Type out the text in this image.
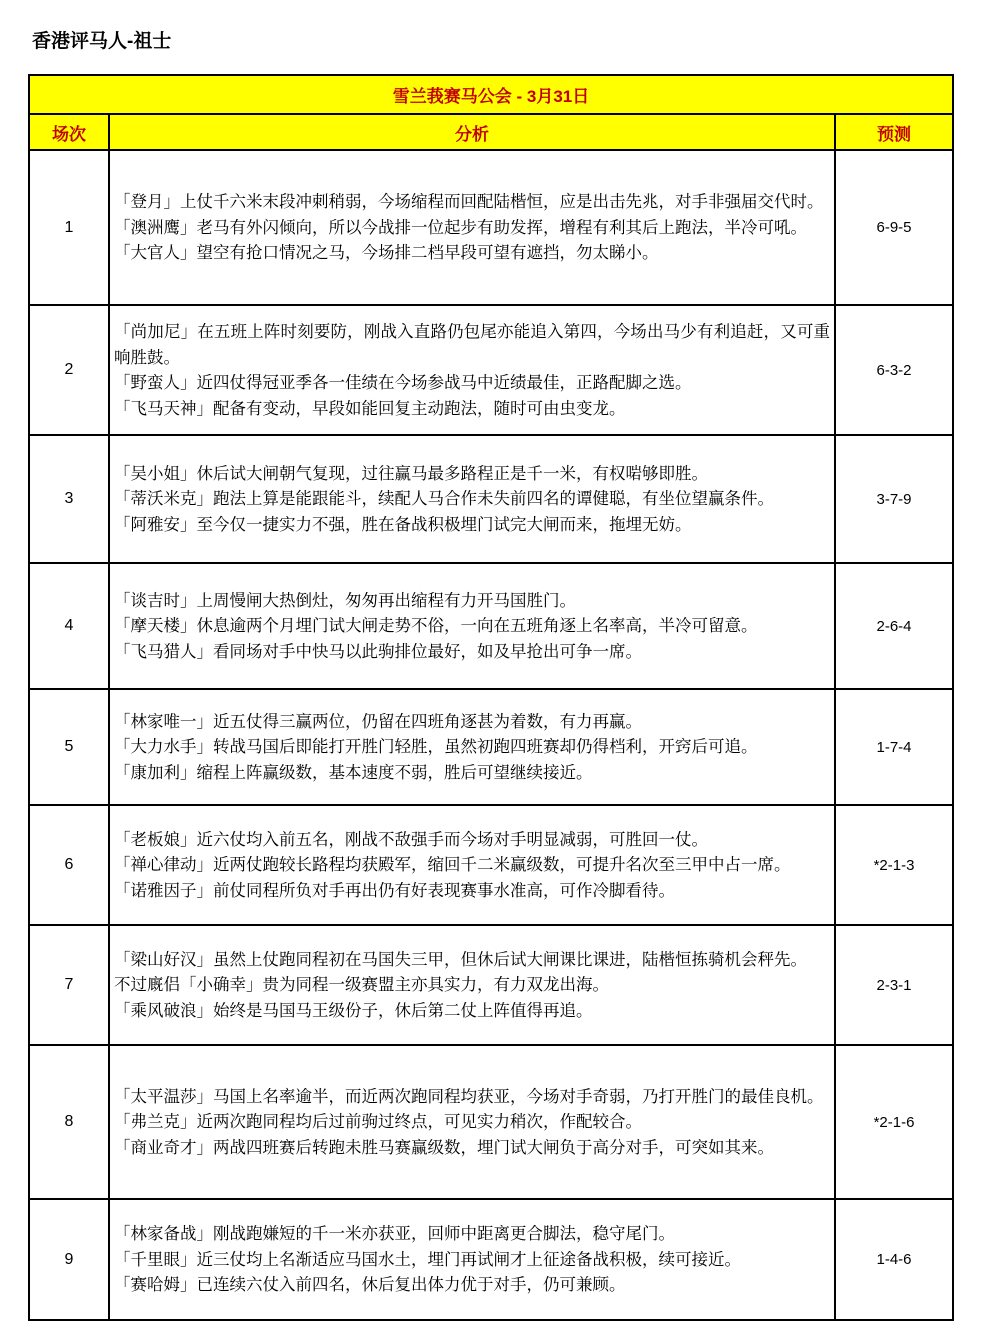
香港评马人-祖士
雪兰莪赛马公会 - 3月31日		
场次	分析	预测
1	「登月」上仗千六米末段冲刺稍弱，今场缩程而回配陆楷恒，应是出击先兆，对手非强届交代时。

「澳洲鹰」老马有外闪倾向，所以今战排一位起步有助发挥，增程有利其后上跑法，半冷可吼。

「大官人」望空有抢口情况之马，今场排二档早段可望有遮挡，勿太睇小。	6-9-5
2	「尚加尼」在五班上阵时刻要防，刚战入直路仍包尾亦能追入第四，今场出马少有利追赶，又可重响胜鼓。

「野蛮人」近四仗得冠亚季各一佳绩在今场参战马中近绩最佳，正路配脚之选。

「飞马天神」配备有变动，早段如能回复主动跑法，随时可由虫变龙。	6-3-2
3	「吴小姐」休后试大闸朝气复现，过往赢马最多路程正是千一米，有权啱够即胜。

「蒂沃米克」跑法上算是能跟能斗，续配人马合作未失前四名的谭健聪，有坐位望赢条件。

「阿雅安」至今仅一捷实力不强，胜在备战积极埋门试完大闸而来，拖埋无妨。	3-7-9
4	「谈吉时」上周慢闸大热倒灶，匆匆再出缩程有力开马国胜门。

「摩天楼」休息逾两个月埋门试大闸走势不俗，一向在五班角逐上名率高，半冷可留意。

「飞马猎人」看同场对手中快马以此驹排位最好，如及早抢出可争一席。	2-6-4
5	「林家唯一」近五仗得三赢两位，仍留在四班角逐甚为着数，有力再赢。

「大力水手」转战马国后即能打开胜门轻胜，虽然初跑四班赛却仍得档利，开窍后可追。

「康加利」缩程上阵赢级数，基本速度不弱，胜后可望继续接近。	1-7-4
6	「老板娘」近六仗均入前五名，刚战不敌强手而今场对手明显减弱，可胜回一仗。

「禅心律动」近两仗跑较长路程均获殿军，缩回千二米赢级数，可提升名次至三甲中占一席。

「诺雅因子」前仗同程所负对手再出仍有好表现赛事水准高，可作冷脚看待。	*2-1-3
7	「梁山好汉」虽然上仗跑同程初在马国失三甲，但休后试大闸课比课进，陆楷恒拣骑机会秤先。

不过廐侣「小确幸」贵为同程一级赛盟主亦具实力，有力双龙出海。

「乘风破浪」始终是马国马王级份子，休后第二仗上阵值得再追。	2-3-1
8	「太平温莎」马国上名率逾半，而近两次跑同程均获亚，今场对手奇弱，乃打开胜门的最佳良机。

「弗兰克」近两次跑同程均后过前驹过终点，可见实力稍次，作配较合。

「商业奇才」两战四班赛后转跑未胜马赛赢级数，埋门试大闸负于高分对手，可突如其来。	*2-1-6
9	「林家备战」刚战跑嫌短的千一米亦获亚，回师中距离更合脚法，稳守尾门。

「千里眼」近三仗均上名渐适应马国水土，埋门再试闸才上征途备战积极，续可接近。

「赛哈姆」已连续六仗入前四名，休后复出体力优于对手，仍可兼顾。	1-4-6
